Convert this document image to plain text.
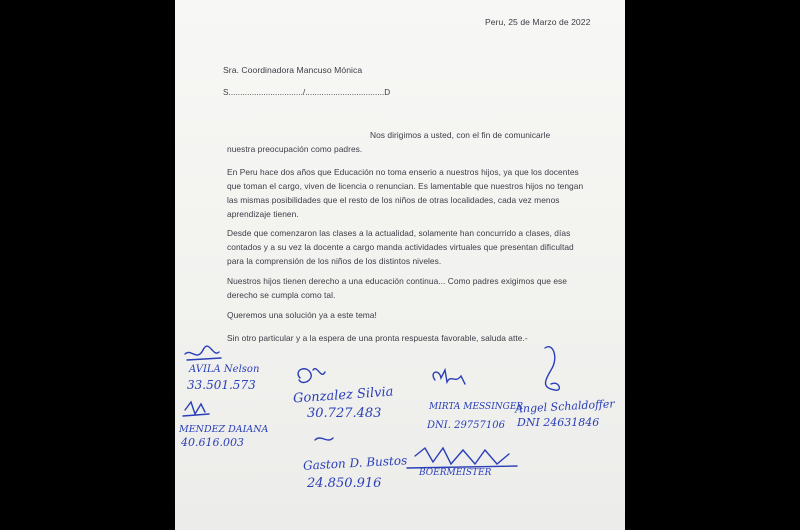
Peru, 25 de Marzo de 2022
Sra. Coordinadora Mancuso Mónica
S................................/..................................D
Nos dirigimos a usted, con el fin de comunicarle
nuestra preocupación como padres.
En Peru hace dos años que Educación no toma enserio a nuestros hijos, ya que los docentes que toman el cargo, viven de licencia o renuncian. Es lamentable que nuestros hijos no tengan las mismas posibilidades que el resto de los niños de otras localidades, cada vez menos aprendizaje tienen.
Desde que comenzaron las clases a la actualidad, solamente han concurrido a clases, días contados y a su vez la docente a cargo manda actividades virtuales que presentan dificultad para la comprensión de los niños de los distintos niveles.
Nuestros hijos tienen derecho a una educación continua... Como padres exigimos que ese derecho se cumpla como tal.
Queremos una solución ya a este tema!
Sin otro particular y a la espera de una pronta respuesta favorable, saluda atte.-
AVILA Nelson
33.501.573	Gonzalez Silvia
30.727.483	MIRTA MESSINGER
DNI. 29757106
Angel Schaldoffer
DNI 24631846
MENDEZ DAIANA
40.616.003
Gaston D. Bustos
24.850.916
BOERMEISTER
